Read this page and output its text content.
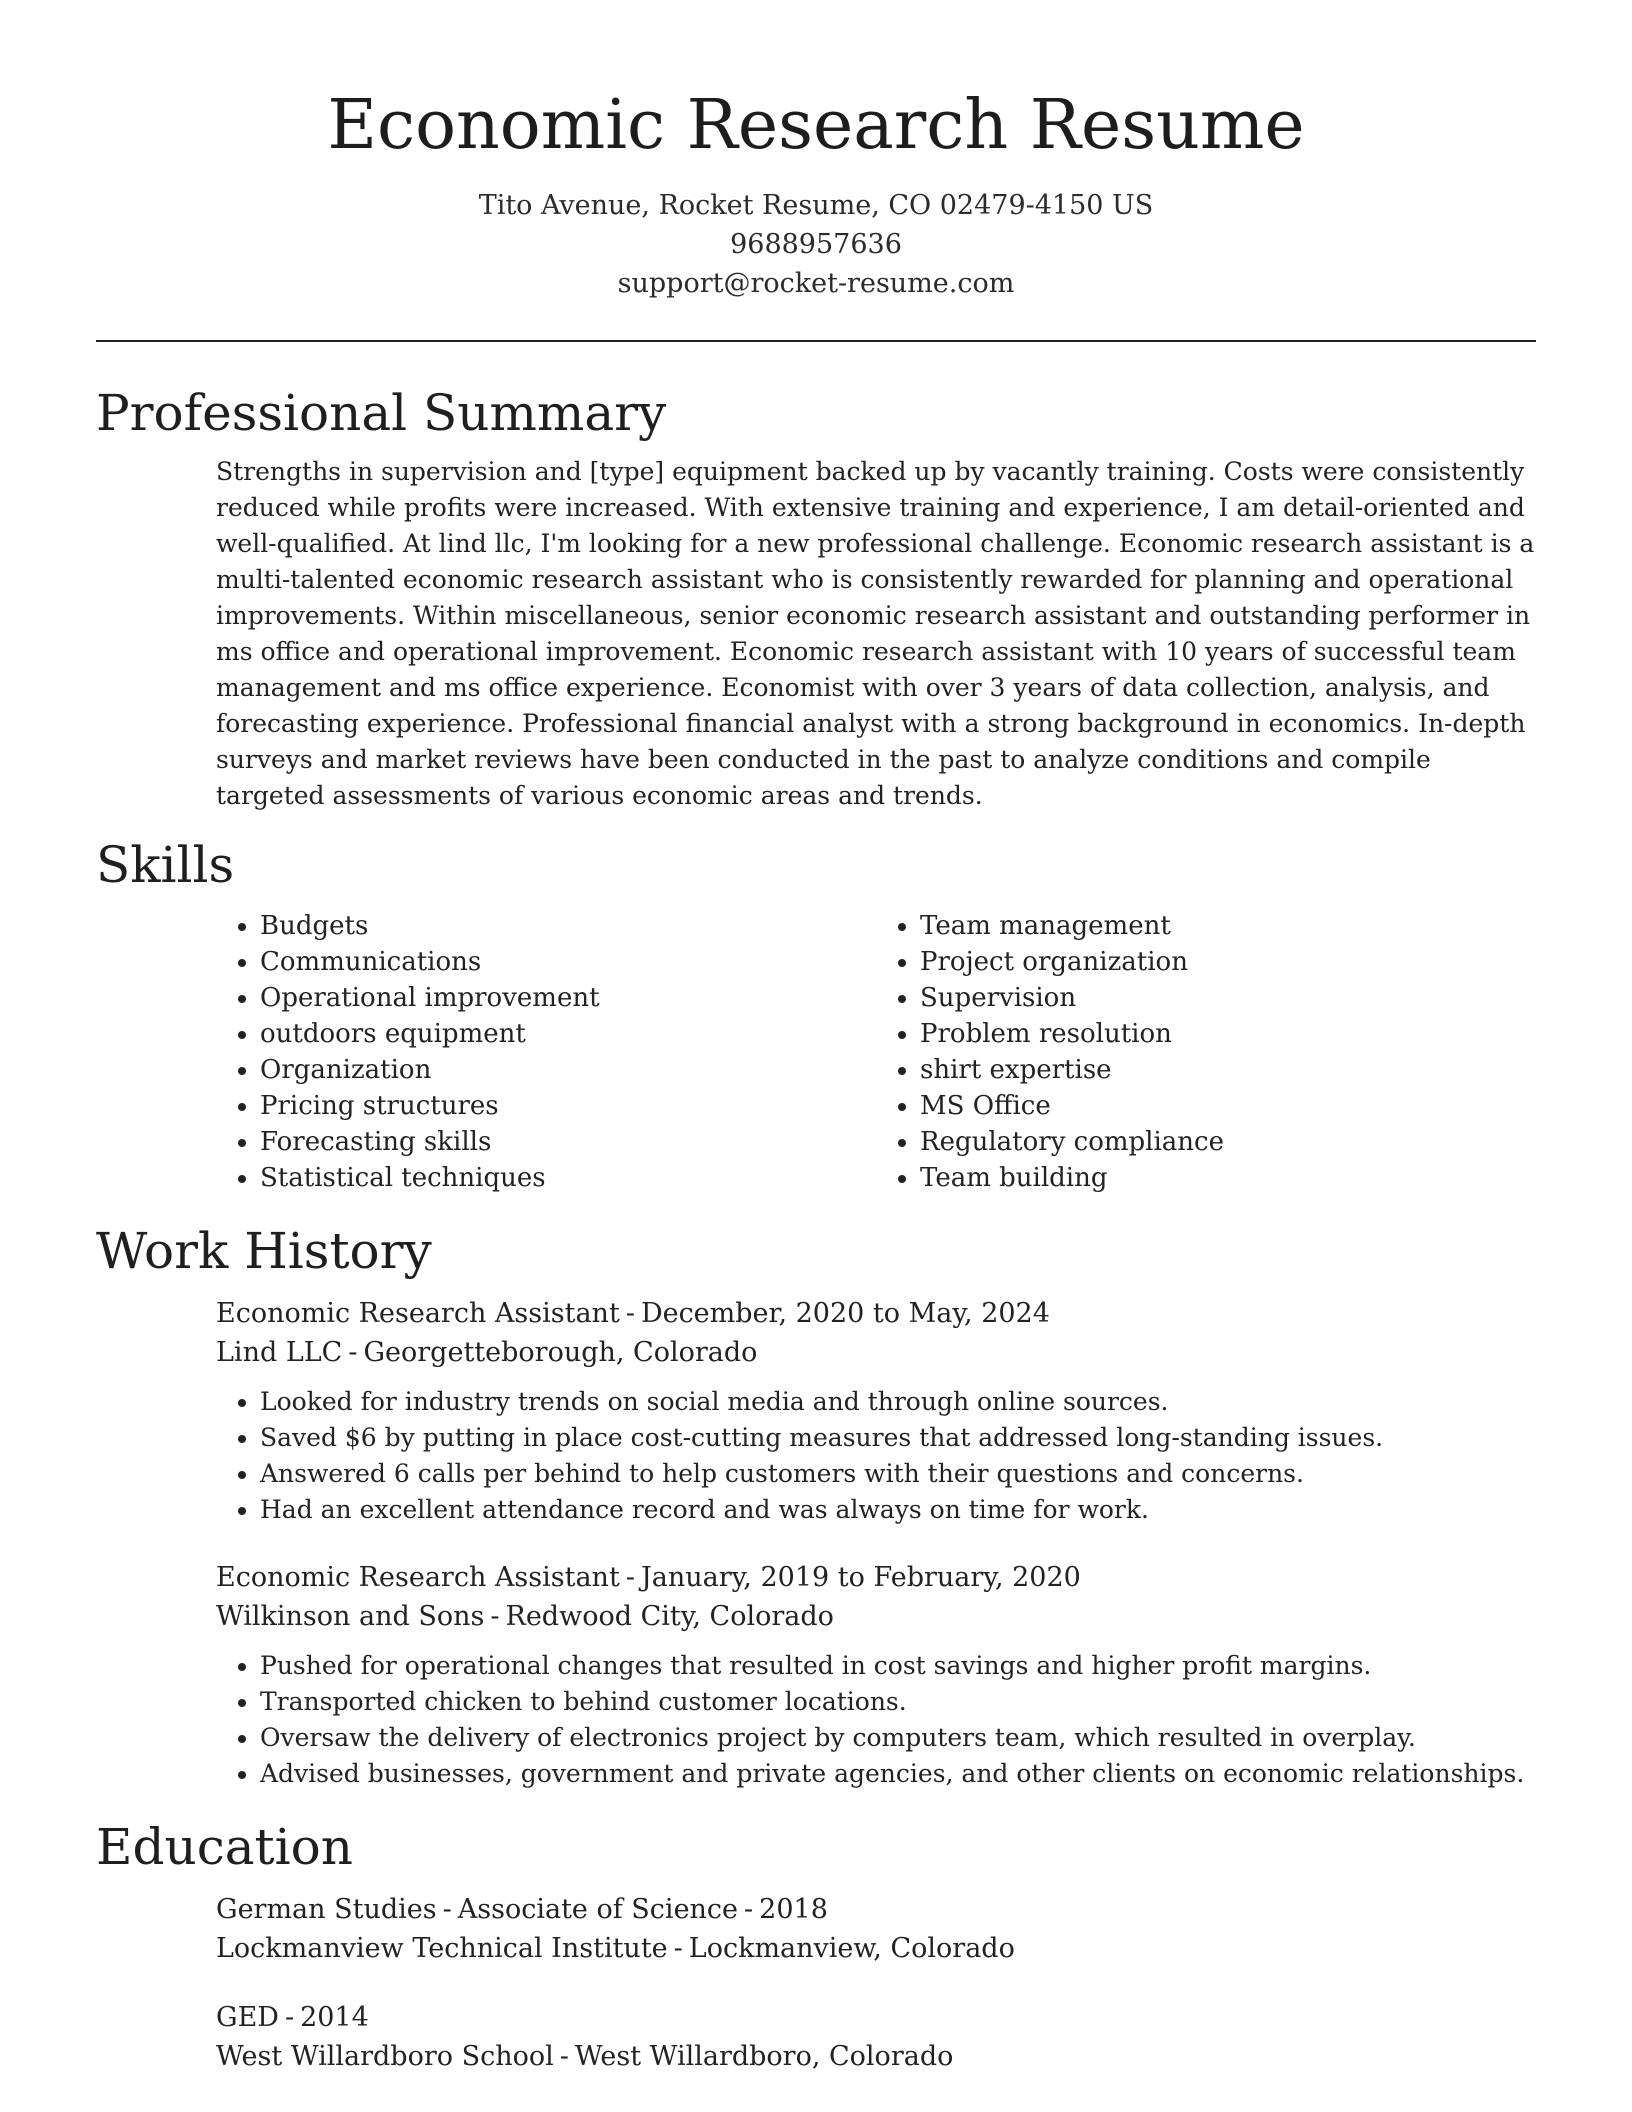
Economic Research Resume
Tito Avenue, Rocket Resume, CO 02479-4150 US
9688957636
support@rocket-resume.com
Professional Summary

Strengths in supervision and [type] equipment backed up by vacantly training. Costs were consistently reduced while profits were increased. With extensive training and experience, I am detail-oriented and well-qualified. At lind llc, I'm looking for a new professional challenge. Economic research assistant is a multi-talented economic research assistant who is consistently rewarded for planning and operational improvements. Within miscellaneous, senior economic research assistant and outstanding performer in ms office and operational improvement. Economic research assistant with 10 years of successful team management and ms office experience. Economist with over 3 years of data collection, analysis, and forecasting experience. Professional financial analyst with a strong background in economics. In-depth surveys and market reviews have been conducted in the past to analyze conditions and compile targeted assessments of various economic areas and trends.

Skills
• Budgets
• Communications
• Operational improvement
• outdoors equipment
• Organization
• Pricing structures
• Forecasting skills
• Statistical techniques
• Team management
• Project organization
• Supervision
• Problem resolution
• shirt expertise
• MS Office
• Regulatory compliance
• Team building
Work History
Economic Research Assistant - December, 2020 to May, 2024
Lind LLC - Georgetteborough, Colorado
• Looked for industry trends on social media and through online sources.
• Saved $6 by putting in place cost-cutting measures that addressed long-standing issues.
• Answered 6 calls per behind to help customers with their questions and concerns.
• Had an excellent attendance record and was always on time for work.
Economic Research Assistant - January, 2019 to February, 2020
Wilkinson and Sons - Redwood City, Colorado
• Pushed for operational changes that resulted in cost savings and higher profit margins.
• Transported chicken to behind customer locations.
• Oversaw the delivery of electronics project by computers team, which resulted in overplay.
• Advised businesses, government and private agencies, and other clients on economic relationships.
Education
German Studies - Associate of Science - 2018
Lockmanview Technical Institute - Lockmanview, Colorado
GED - 2014
West Willardboro School - West Willardboro, Colorado
